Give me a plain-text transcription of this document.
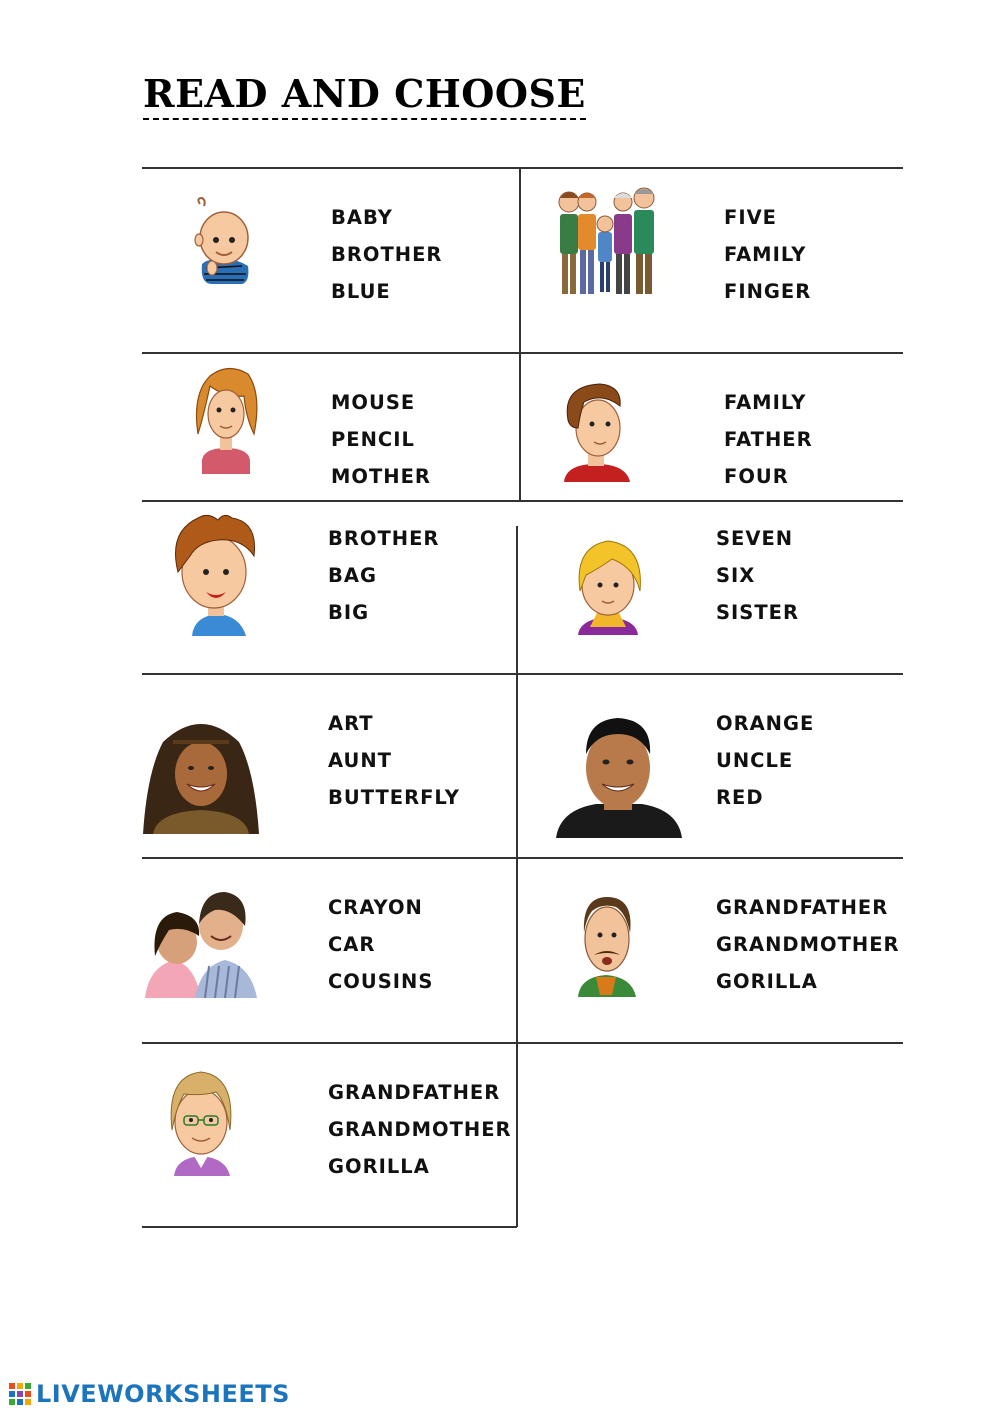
READ AND CHOOSE
BABY
BROTHER
BLUE
FIVE
FAMILY
FINGER
MOUSE
PENCIL
MOTHER
FAMILY
FATHER
FOUR
BROTHER
BAG
BIG
SEVEN
SIX
SISTER
ART
AUNT
BUTTERFLY
ORANGE
UNCLE
RED
CRAYON
CAR
COUSINS
GRANDFATHER
GRANDMOTHER
GORILLA
GRANDFATHER
GRANDMOTHER
GORILLA
LIVEWORKSHEETS
